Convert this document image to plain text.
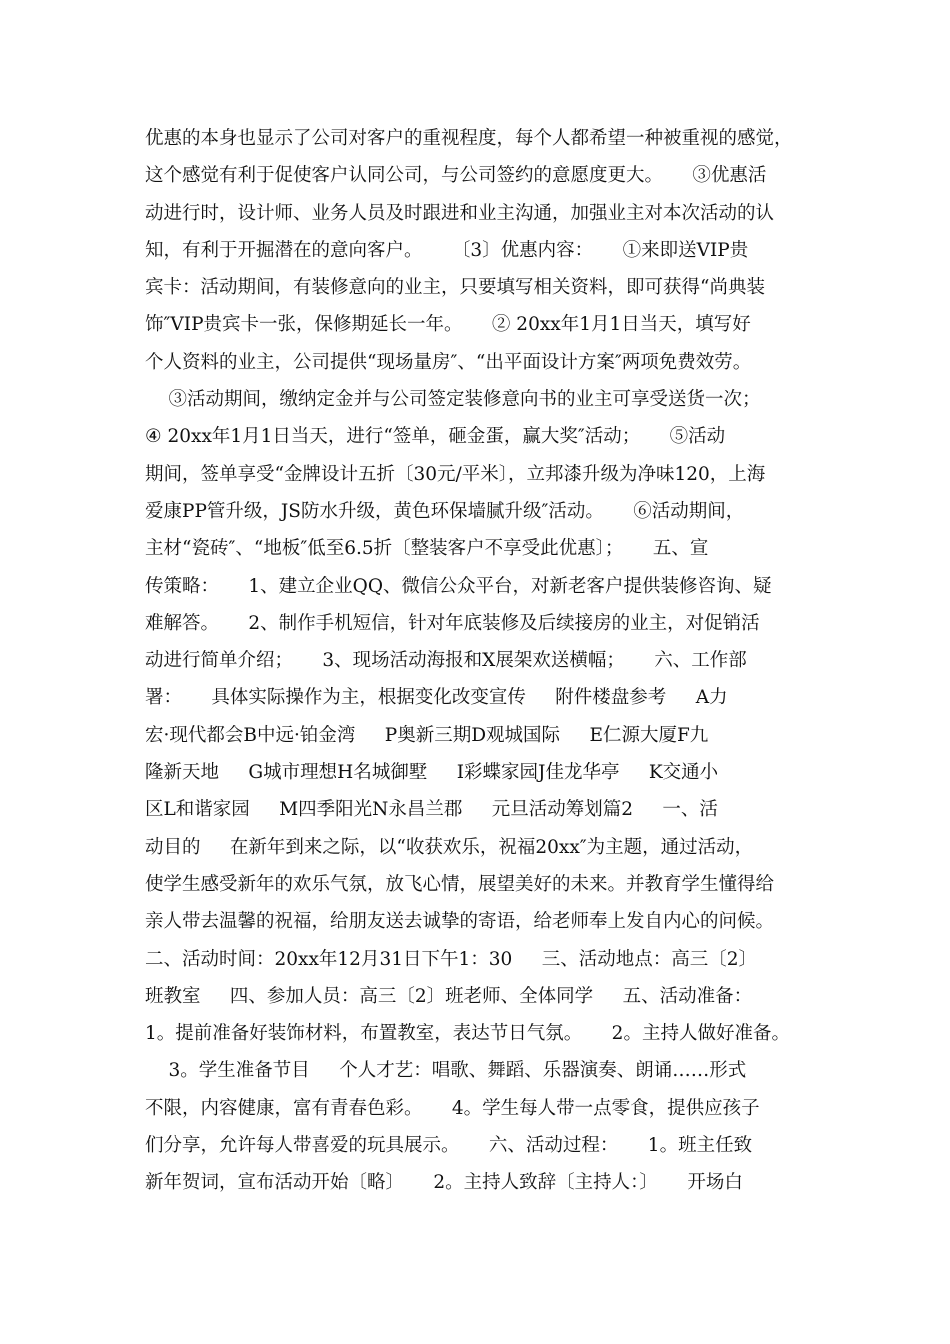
优惠的本身也显示了公司对客户的重视程度，每个人都希望一种被重视的感觉，
这个感觉有利于促使客户认同公司，与公司签约的意愿度更大。     ③优惠活
动进行时，设计师、业务人员及时跟进和业主沟通，加强业主对本次活动的认
知，有利于开掘潜在的意向客户。     〔3〕优惠内容：     ①来即送VIP贵
宾卡：活动期间，有装修意向的业主，只要填写相关资料，即可获得“尚典装
饰″VIP贵宾卡一张，保修期延长一年。     ② 20xx年1月1日当天，填写好
个人资料的业主，公司提供“现场量房″、“出平面设计方案″两项免费效劳。
③活动期间，缴纳定金并与公司签定装修意向书的业主可享受送货一次；
④ 20xx年1月1日当天，进行“签单，砸金蛋，赢大奖″活动；     ⑤活动
期间，签单享受“金牌设计五折〔30元/平米〕，立邦漆升级为净味120，上海
爱康PP管升级，JS防水升级，黄色环保墙腻升级″活动。     ⑥活动期间，
主材“瓷砖″、“地板″低至6.5折〔整装客户不享受此优惠〕；     五、宣
传策略：     1、建立企业QQ、微信公众平台，对新老客户提供装修咨询、疑
难解答。     2、制作手机短信，针对年底装修及后续接房的业主，对促销活
动进行简单介绍；     3、现场活动海报和X展架欢送横幅；     六、工作部
署：     具体实际操作为主，根据变化改变宣传     附件楼盘参考     A力
宏·现代都会B中远·铂金湾     P奥新三期D观城国际     E仁源大厦F九
隆新天地     G城市理想H名城御墅     I彩蝶家园J佳龙华亭     K交通小
区L和谐家园     M四季阳光N永昌兰郡     元旦活动筹划篇2     一、活
动目的     在新年到来之际，以“收获欢乐，祝福20xx″为主题，通过活动，
使学生感受新年的欢乐气氛，放飞心情，展望美好的未来。并教育学生懂得给
亲人带去温馨的祝福，给朋友送去诚挚的寄语，给老师奉上发自内心的问候。
二、活动时间：20xx年12月31日下午1：30     三、活动地点：高三〔2〕
班教室     四、参加人员：高三〔2〕班老师、全体同学     五、活动准备：
1。提前准备好装饰材料，布置教室，表达节日气氛。     2。主持人做好准备。
3。学生准备节目     个人才艺：唱歌、舞蹈、乐器演奏、朗诵……形式
不限，内容健康，富有青春色彩。     4。学生每人带一点零食，提供应孩子
们分享，允许每人带喜爱的玩具展示。     六、活动过程：     1。班主任致
新年贺词，宣布活动开始〔略〕     2。主持人致辞〔主持人：〕     开场白
